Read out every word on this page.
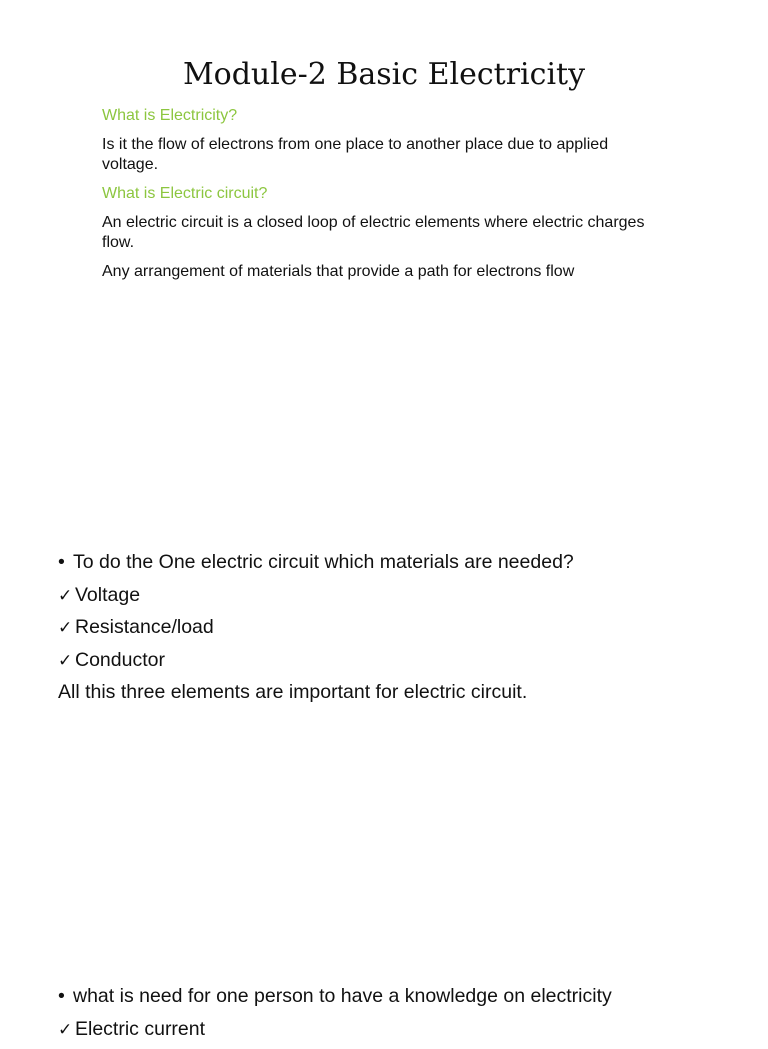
Module-2 Basic Electricity
What is Electricity?
Is it the flow of electrons from one place to another place due to applied voltage.
What is Electric circuit?
An electric circuit is a closed loop of electric elements where electric charges flow.
Any arrangement of materials that provide a path for electrons flow
• To do the One electric circuit which materials are needed?
✓ Voltage
✓ Resistance/load
✓ Conductor
All this three elements are important for electric circuit.
• what is need for one person to have a knowledge on electricity
✓ Electric current
